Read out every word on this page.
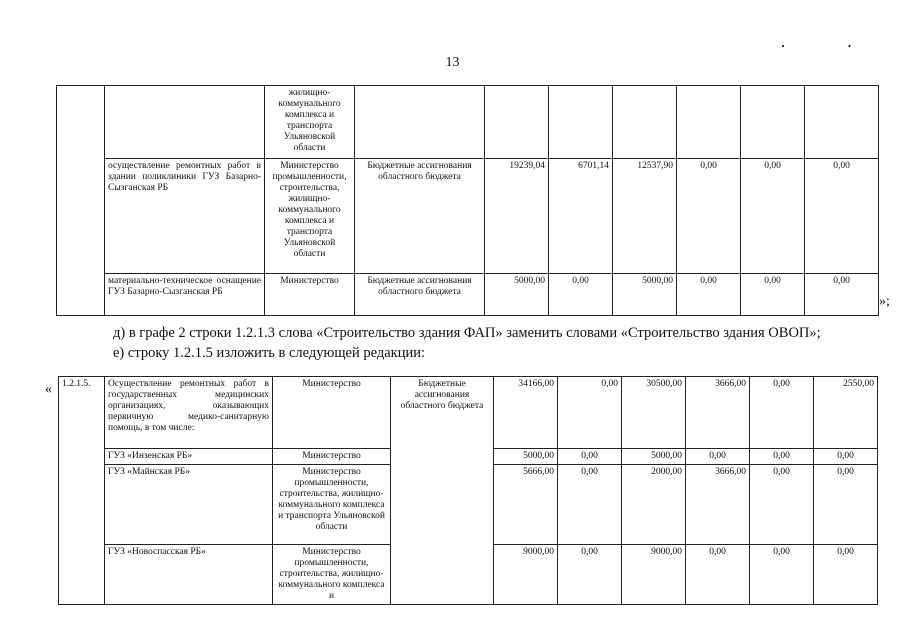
· ·
13
		жилищно-коммунального комплекса и транспорта Ульяновской области							
	осуществление ремонтных работ в здании поликлиники ГУЗ Базарно-Сызганская РБ	Министерство промышленности, строительства, жилищно-коммунального комплекса и транспорта Ульяновской области	Бюджетные ассигнования областного бюджета	19239,04	6701,14	12537,90	0,00	0,00	0,00
	материально-техническое оснащение ГУЗ Базарно-Сызганская РБ	Министерство	Бюджетные ассигнования областного бюджета	5000,00	0,00	5000,00	0,00	0,00	0,00
»;
д) в графе 2 строки 1.2.1.3 слова «Строительство здания ФАП» заменить словами «Строительство здания ОВОП»;
е) строку 1.2.1.5 изложить в следующей редакции:
« 1.2.1.5.	Осуществление ремонтных работ в государственных медицинских организациях, оказывающих первичную медико-санитарную помощь, в том числе:	Министерство	Бюджетные ассигнования областного бюджета	34166,00	0,00	30500,00	3666,00	0,00	2550,00
	ГУЗ «Инзенская РБ»	Министерство		5000,00	0,00	5000,00	0,00	0,00	0,00
	ГУЗ «Майнская РБ»	Министерство промышленности, строительства, жилищно-коммунального комплекса и транспорта Ульяновской области		5666,00	0,00	2000,00	3666,00	0,00	0,00
	ГУЗ «Новоспасская РБ»	Министерство промышленности, строительства, жилищно-коммунального комплекса и		9000,00	0,00	9000,00	0,00	0,00	0,00
